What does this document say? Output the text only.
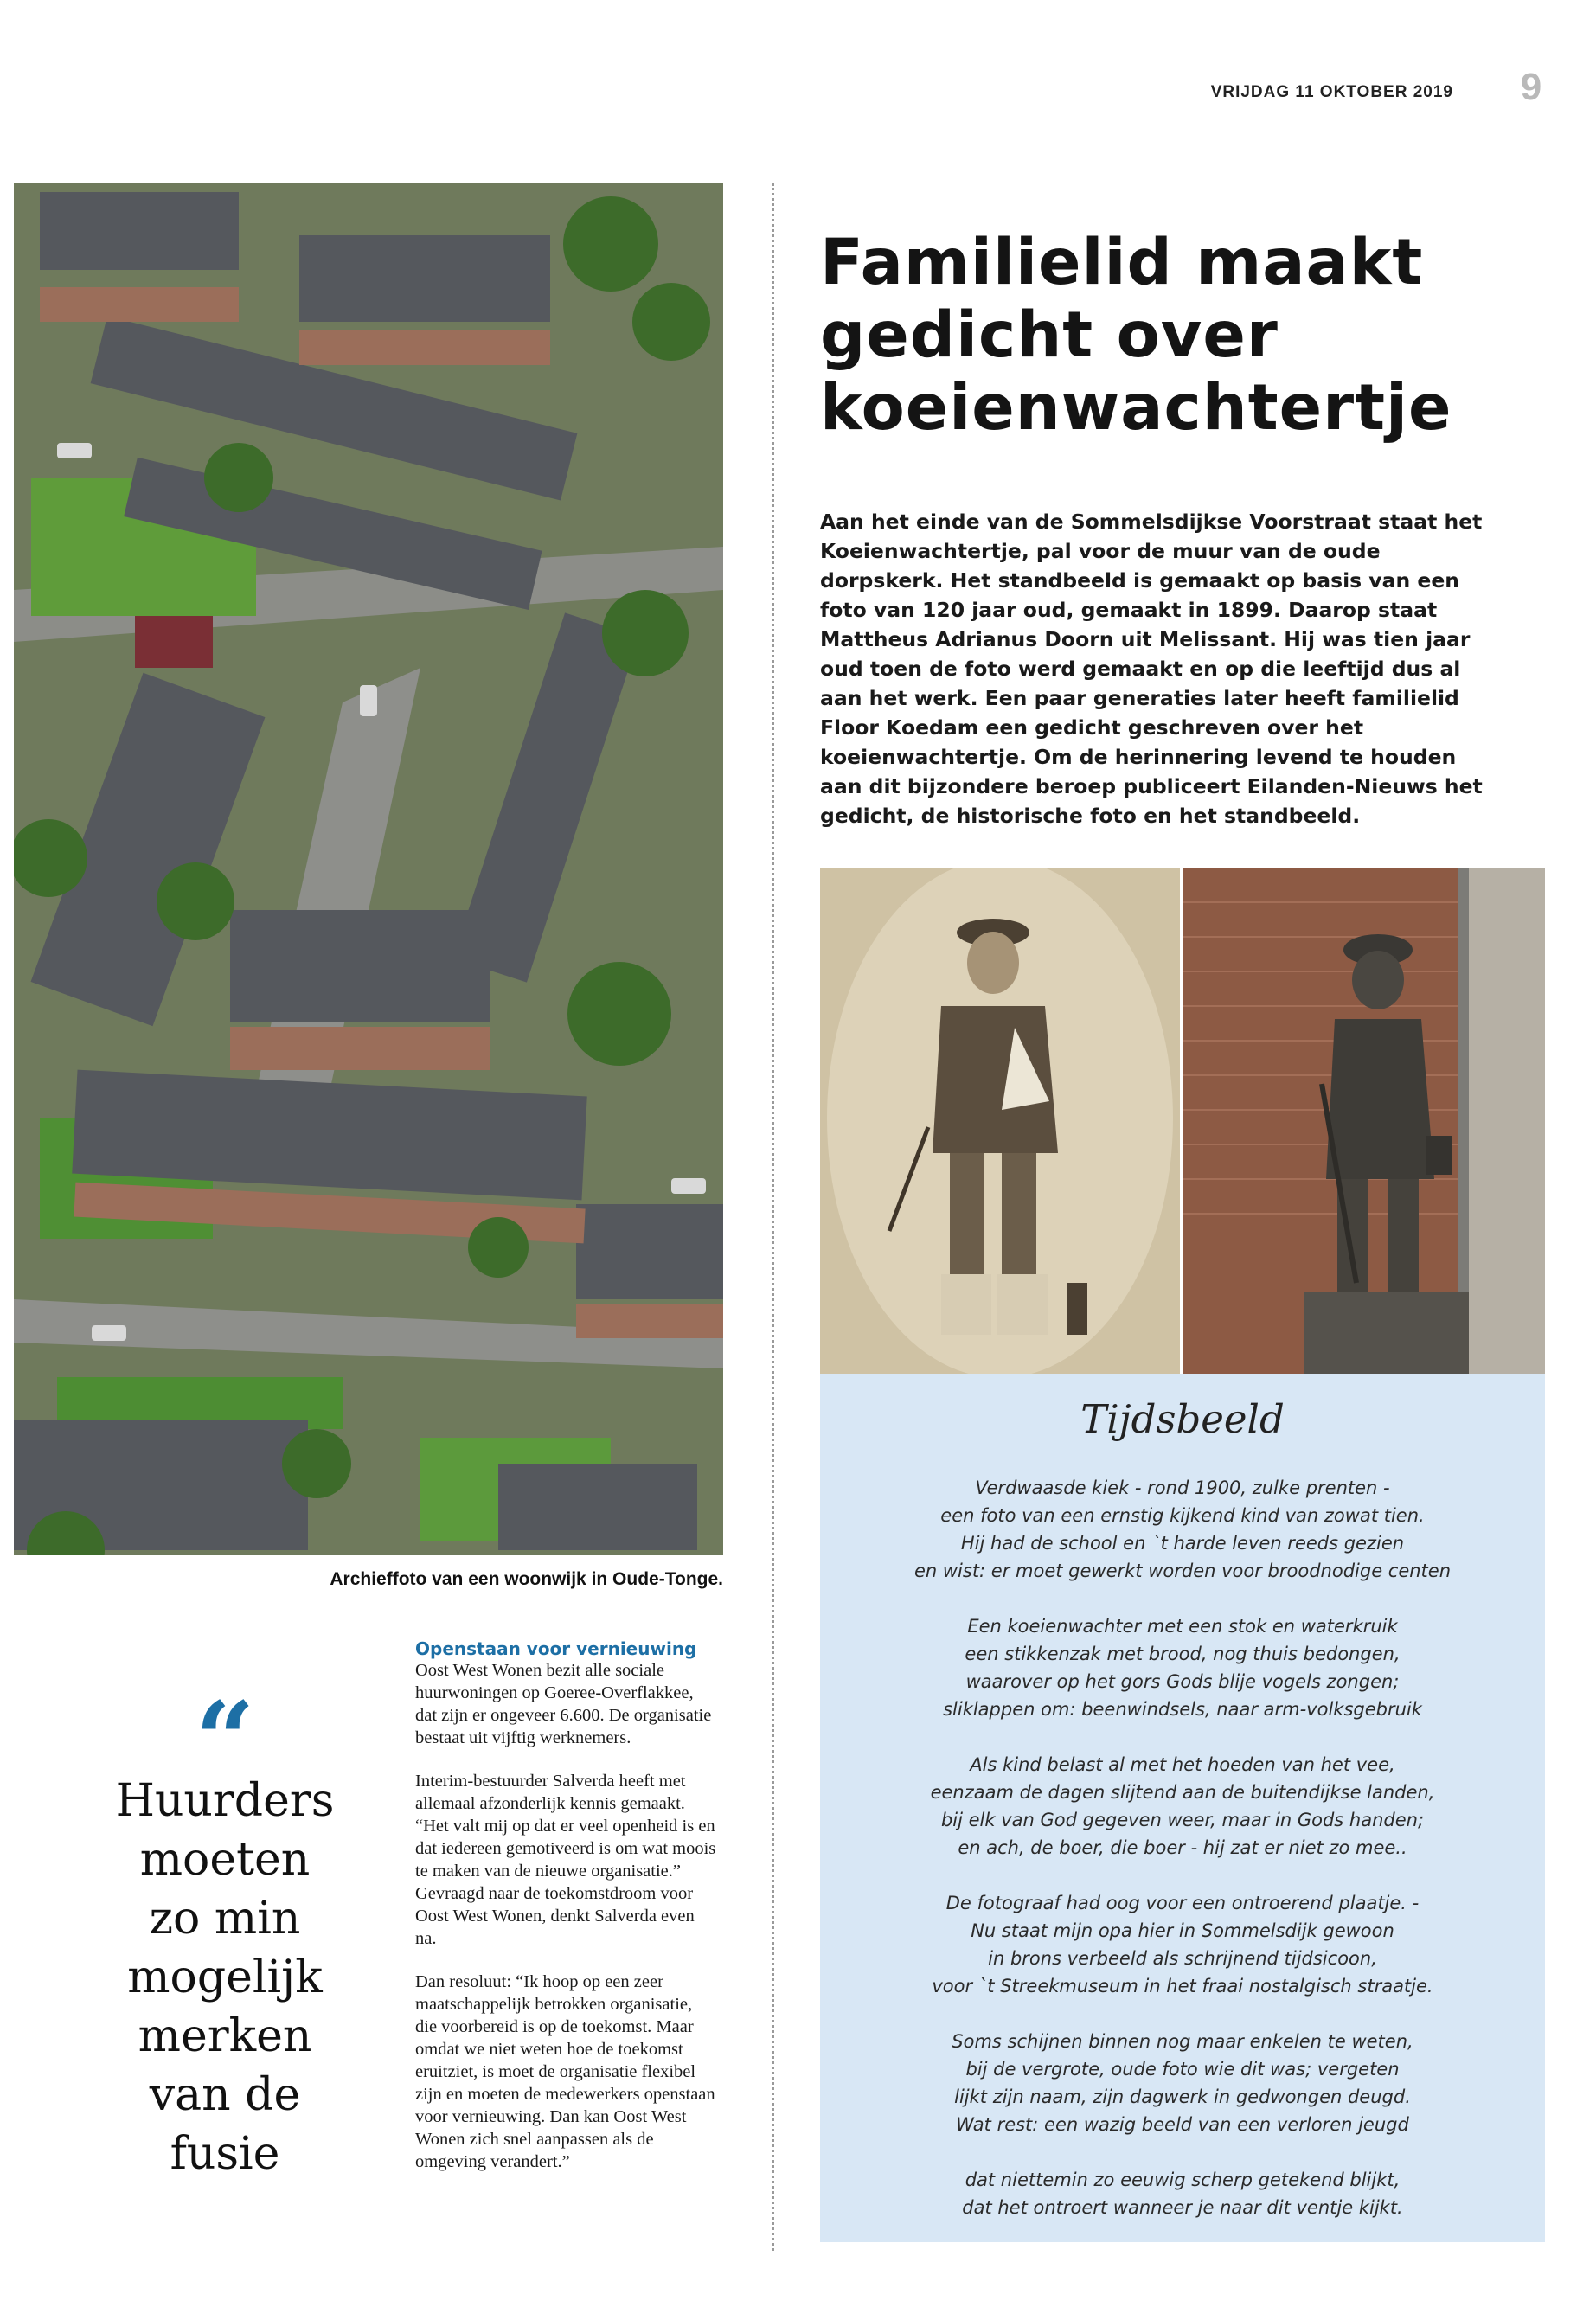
VRIJDAG 11 OKTOBER 2019	9
Archieffoto van een woonwijk in Oude-Tonge.
Familielid maakt gedicht over koeienwachtertje

Aan het einde van de Sommelsdijkse Voorstraat staat het Koeienwachtertje, pal voor de muur van de oude dorpskerk. Het standbeeld is gemaakt op basis van een foto van 120 jaar oud, gemaakt in 1899. Daarop staat Mattheus Adrianus Doorn uit Melissant. Hij was tien jaar oud toen de foto werd gemaakt en op die leeftijd dus al aan het werk. Een paar generaties later heeft familielid Floor Koedam een gedicht geschreven over het koeienwachtertje. Om de herinnering levend te houden aan dit bijzondere beroep publiceert Eilanden-Nieuws het gedicht, de historische foto en het standbeeld.

Tijdsbeeld
Verdwaasde kiek - rond 1900, zulke prenten -
een foto van een ernstig kijkend kind van zowat tien.
Hij had de school en `t harde leven reeds gezien
en wist: er moet gewerkt worden voor broodnodige centen
Een koeienwachter met een stok en waterkruik
een stikkenzak met brood, nog thuis bedongen,
waarover op het gors Gods blije vogels zongen;
sliklappen om: beenwindsels, naar arm-volksgebruik
Als kind belast al met het hoeden van het vee,
eenzaam de dagen slijtend aan de buitendijkse landen,
bij elk van God gegeven weer, maar in Gods handen;
en ach, de boer, die boer - hij zat er niet zo mee..
De fotograaf had oog voor een ontroerend plaatje. -
Nu staat mijn opa hier in Sommelsdijk gewoon
in brons verbeeld als schrijnend tijdsicoon,
voor `t Streekmuseum in het fraai nostalgisch straatje.
Soms schijnen binnen nog maar enkelen te weten,
bij de vergrote, oude foto wie dit was; vergeten
lijkt zijn naam, zijn dagwerk in gedwongen deugd.
Wat rest: een wazig beeld van een verloren jeugd
dat niettemin zo eeuwig scherp getekend blijkt,
dat het ontroert wanneer je naar dit ventje kijkt.
“
Huurders
moeten
zo min
mogelijk
merken
van de
fusie
Openstaan voor vernieuwing

Oost West Wonen bezit alle sociale huurwoningen op Goeree-Overflakkee, dat zijn er ongeveer 6.600. De organisatie bestaat uit vijftig werknemers.

Interim-bestuurder Salverda heeft met allemaal afzonderlijk kennis gemaakt. “Het valt mij op dat er veel openheid is en dat iedereen gemotiveerd is om wat moois te maken van de nieuwe organisatie.” Gevraagd naar de toekomstdroom voor Oost West Wonen, denkt Salverda even na.

Dan resoluut: “Ik hoop op een zeer maatschappelijk betrokken organisatie, die voorbereid is op de toekomst. Maar omdat we niet weten hoe de toekomst eruitziet, is moet de organisatie flexibel zijn en moeten de medewerkers openstaan voor vernieuwing. Dan kan Oost West Wonen zich snel aanpassen als de omgeving verandert.”
